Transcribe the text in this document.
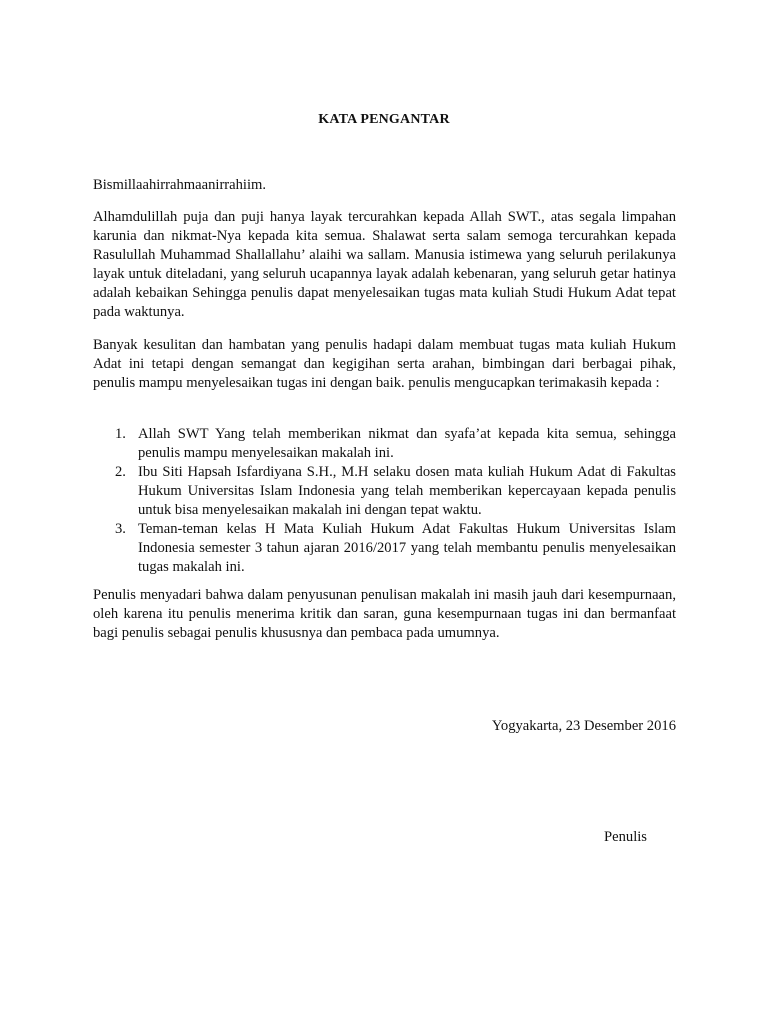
KATA PENGANTAR

Bismillaahirrahmaanirrahiim.

Alhamdulillah puja dan puji hanya layak tercurahkan kepada Allah SWT., atas segala limpahan karunia dan nikmat-Nya kepada kita semua. Shalawat serta salam semoga tercurahkan kepada Rasulullah Muhammad Shallallahu’ alaihi wa sallam. Manusia istimewa yang seluruh perilakunya layak untuk diteladani, yang seluruh ucapannya layak adalah kebenaran, yang seluruh getar hatinya adalah kebaikan Sehingga penulis dapat menyelesaikan tugas mata kuliah Studi Hukum Adat tepat pada waktunya.

Banyak kesulitan dan hambatan yang penulis hadapi dalam membuat tugas mata kuliah Hukum Adat ini tetapi dengan semangat dan kegigihan serta arahan, bimbingan dari berbagai pihak, penulis mampu menyelesaikan tugas ini dengan baik. penulis mengucapkan terimakasih kepada :

1. Allah SWT Yang telah memberikan nikmat dan syafa’at kepada kita semua, sehingga penulis mampu menyelesaikan makalah ini.
2. Ibu Siti Hapsah Isfardiyana S.H., M.H selaku dosen mata kuliah Hukum Adat di Fakultas Hukum Universitas Islam Indonesia yang telah memberikan kepercayaan kepada penulis untuk bisa menyelesaikan makalah ini dengan tepat waktu.
3. Teman-teman kelas H Mata Kuliah Hukum Adat Fakultas Hukum Universitas Islam Indonesia semester 3 tahun ajaran 2016/2017 yang telah membantu penulis menyelesaikan tugas makalah ini.

Penulis menyadari bahwa dalam penyusunan penulisan makalah ini masih jauh dari kesempurnaan, oleh karena itu penulis menerima kritik dan saran, guna kesempurnaan tugas ini dan bermanfaat bagi penulis sebagai penulis khususnya dan pembaca pada umumnya.

Yogyakarta, 23 Desember 2016

Penulis
